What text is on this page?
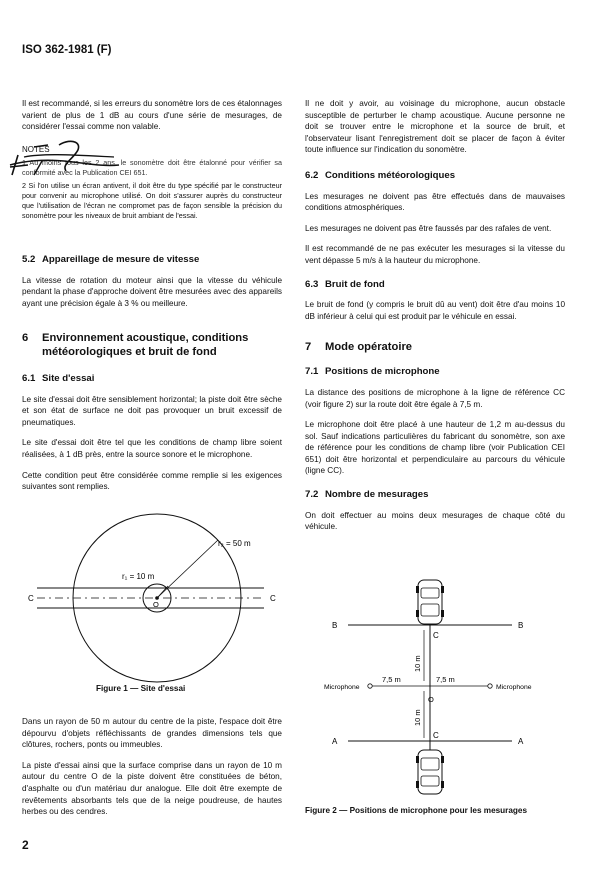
ISO 362-1981 (F)

Il est recommandé, si les erreurs du sonomètre lors de ces étalonnages varient de plus de 1 dB au cours d'une série de mesurages, de considérer l'essai comme non valable.

NOTES

1 Au moins tous les 2 ans, le sonomètre doit être étalonné pour vérifier sa conformité avec la Publication CEI 651.

2 Si l'on utilise un écran antivent, il doit être du type spécifié par le constructeur pour convenir au microphone utilisé. On doit s'assurer auprès du constructeur que l'utilisation de l'écran ne compromet pas de façon sensible la précision du sonomètre pour les niveaux de bruit ambiant de l'essai.

5.2 Appareillage de mesure de vitesse

La vitesse de rotation du moteur ainsi que la vitesse du véhicule pendant la phase d'approche doivent être mesurées avec des appareils ayant une précision égale à 3 % ou meilleure.

6	Environnement acoustique, conditions météorologiques et bruit de fond
6.1 Site d'essai

Le site d'essai doit être sensiblement horizontal; la piste doit être sèche et son état de surface ne doit pas provoquer un bruit excessif de pneumatiques.

Le site d'essai doit être tel que les conditions de champ libre soient réalisées, à 1 dB près, entre la source sonore et le microphone.

Cette condition peut être considérée comme remplie si les exigences suivantes sont remplies.

r₂ = 50 m
r₁ = 10 m
O
C	C
Figure 1 — Site d'essai

Dans un rayon de 50 m autour du centre de la piste, l'espace doit être dépourvu d'objets réfléchissants de grandes dimensions tels que clôtures, rochers, ponts ou immeubles.

La piste d'essai ainsi que la surface comprise dans un rayon de 10 m autour du centre O de la piste doivent être constituées de béton, d'asphalte ou d'un matériau dur analogue. Elle doit être exempte de revêtements absorbants tels que de la neige poudreuse, de hautes herbes ou des cendres.

2

Il ne doit y avoir, au voisinage du microphone, aucun obstacle susceptible de perturber le champ acoustique. Aucune personne ne doit se trouver entre le microphone et la source de bruit, et l'observateur lisant l'enregistrement doit se placer de façon à éviter toute influence sur l'indication du sonomètre.

6.2 Conditions météorologiques

Les mesurages ne doivent pas être effectués dans de mauvaises conditions atmosphériques.

Les mesurages ne doivent pas être faussés par des rafales de vent.

Il est recommandé de ne pas exécuter les mesurages si la vitesse du vent dépasse 5 m/s à la hauteur du microphone.

6.3 Bruit de fond

Le bruit de fond (y compris le bruit dû au vent) doit être d'au moins 10 dB inférieur à celui qui est produit par le véhicule en essai.

7 Mode opératoire
7.1 Positions de microphone

La distance des positions de microphone à la ligne de référence CC (voir figure 2) sur la route doit être égale à 7,5 m.

Le microphone doit être placé à une hauteur de 1,2 m au-dessus du sol. Sauf indications particulières du fabricant du sonomètre, son axe de référence pour les conditions de champ libre (voir Publication CEI 651) doit être horizontal et perpendiculaire au parcours du véhicule (ligne CC).

7.2 Nombre de mesurages

On doit effectuer au moins deux mesurages de chaque côté du véhicule.

B	B
A	A
C
C
O
10 m
10 m
7,5 m	7,5 m
Microphone	Microphone
Figure 2 — Positions de microphone pour les mesurages
